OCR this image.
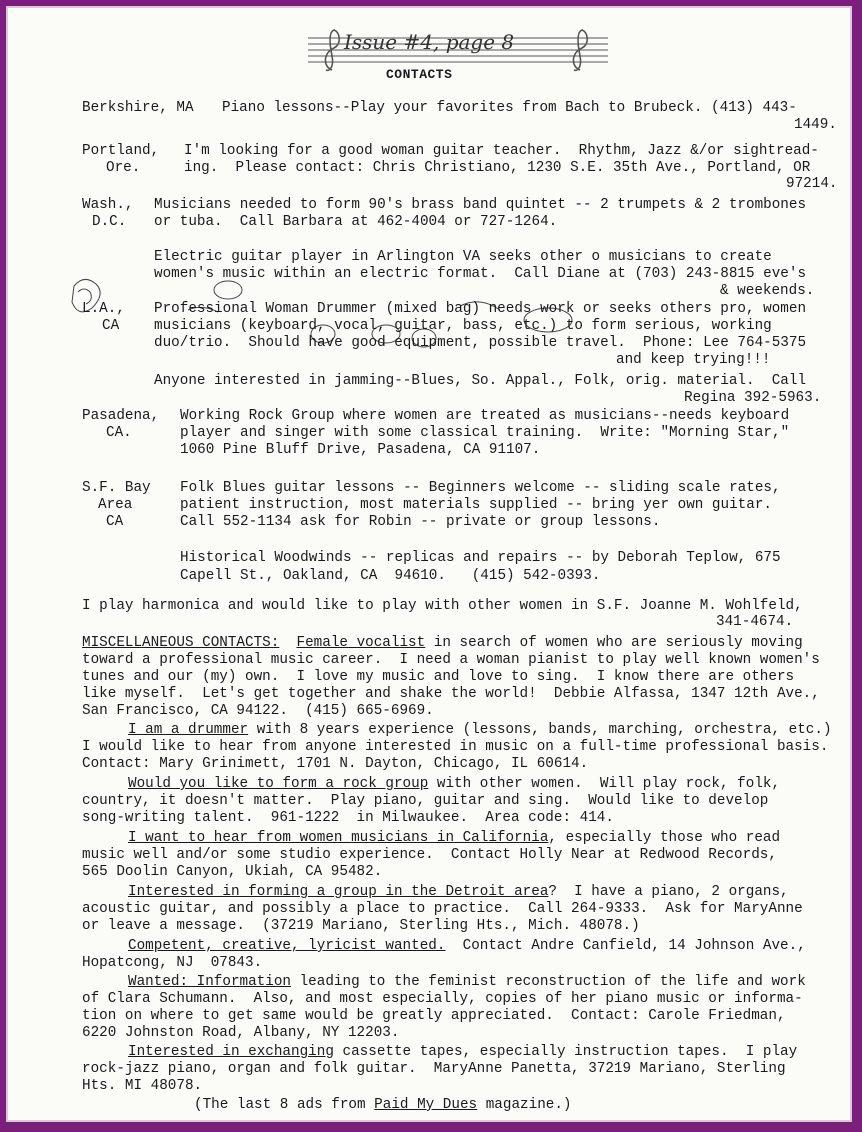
Issue #4, page 8
CONTACTS
Berkshire, MA Piano lessons--Play your favorites from Bach to Brubeck. (413) 443-
1449.
Portland,
Ore.
I'm looking for a good woman guitar teacher.  Rhythm, Jazz &/or sightread-
ing.  Please contact: Chris Christiano, 1230 S.E. 35th Ave., Portland, OR
97214.
Wash.,
D.C.
Musicians needed to form 90's brass band quintet -- 2 trumpets & 2 trombones
or tuba.  Call Barbara at 462-4004 or 727-1264.
Electric guitar player in Arlington VA seeks other o musicians to create
women's music within an electric format.  Call Diane at (703) 243-8815 eve's
& weekends.
L.A.,
CA
Professional Woman Drummer (mixed bag) needs work or seeks others pro, women
musicians (keyboard, vocal, guitar, bass, etc.) to form serious, working
duo/trio.  Should have good equipment, possible travel.  Phone: Lee 764-5375
and keep trying!!!
Anyone interested in jamming--Blues, So. Appal., Folk, orig. material.  Call
Regina 392-5963.
Pasadena,
CA.
Working Rock Group where women are treated as musicians--needs keyboard
player and singer with some classical training.  Write: "Morning Star,"
1060 Pine Bluff Drive, Pasadena, CA 91107.
S.F. Bay
Area
CA
Folk Blues guitar lessons -- Beginners welcome -- sliding scale rates,
patient instruction, most materials supplied -- bring yer own guitar.
Call 552-1134 ask for Robin -- private or group lessons.
Historical Woodwinds -- replicas and repairs -- by Deborah Teplow, 675
Capell St., Oakland, CA  94610.   (415) 542-0393.
I play harmonica and would like to play with other women in S.F. Joanne M. Wohlfeld,
341-4674.
MISCELLANEOUS CONTACTS: Female vocalist in search of women who are seriously moving
toward a professional music career.  I need a woman pianist to play well known women's
tunes and our (my) own.  I love my music and love to sing.  I know there are others
like myself.  Let's get together and shake the world!  Debbie Alfassa, 1347 12th Ave.,
San Francisco, CA 94122.  (415) 665-6969.
I am a drummer with 8 years experience (lessons, bands, marching, orchestra, etc.)
I would like to hear from anyone interested in music on a full-time professional basis.
Contact: Mary Grinimett, 1701 N. Dayton, Chicago, IL 60614.
Would you like to form a rock group with other women.  Will play rock, folk,
country, it doesn't matter.  Play piano, guitar and sing.  Would like to develop
song-writing talent.  961-1222  in Milwaukee.  Area code: 414.
I want to hear from women musicians in California, especially those who read
music well and/or some studio experience.  Contact Holly Near at Redwood Records,
565 Doolin Canyon, Ukiah, CA 95482.
Interested in forming a group in the Detroit area?  I have a piano, 2 organs,
acoustic guitar, and possibly a place to practice.  Call 264-9333.  Ask for MaryAnne
or leave a message.  (37219 Mariano, Sterling Hts., Mich. 48078.)
Competent, creative, lyricist wanted.  Contact Andre Canfield, 14 Johnson Ave.,
Hopatcong, NJ  07843.
Wanted: Information leading to the feminist reconstruction of the life and work
of Clara Schumann.  Also, and most especially, copies of her piano music or informa-
tion on where to get same would be greatly appreciated.  Contact: Carole Friedman,
6220 Johnston Road, Albany, NY 12203.
Interested in exchanging cassette tapes, especially instruction tapes.  I play
rock-jazz piano, organ and folk guitar.  MaryAnne Panetta, 37219 Mariano, Sterling
Hts. MI 48078.
(The last 8 ads from Paid My Dues magazine.)
